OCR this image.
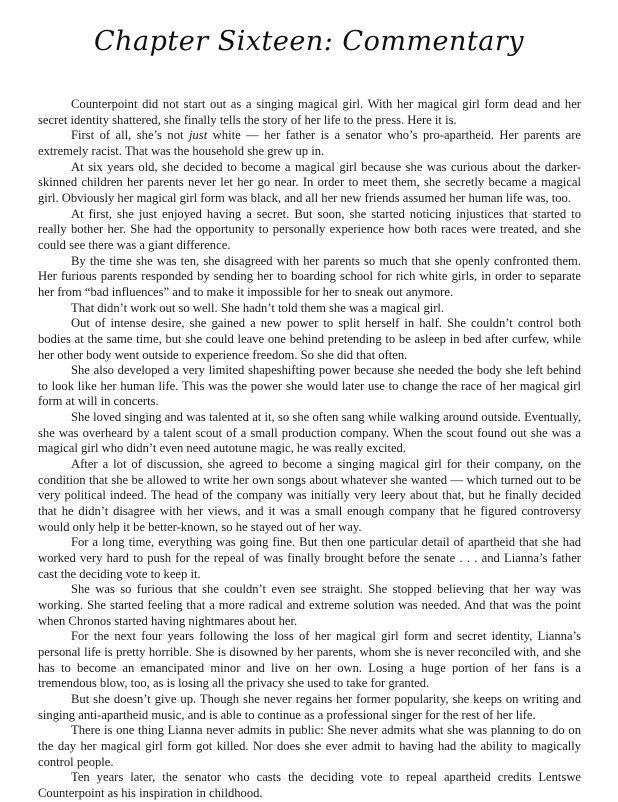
Chapter Sixteen: Commentary

Counterpoint did not start out as a singing magical girl. With her magical girl form dead and her secret identity shattered, she finally tells the story of her life to the press. Here it is.

First of all, she’s not just white — her father is a senator who’s pro-apartheid. Her parents are extremely racist. That was the household she grew up in.

At six years old, she decided to become a magical girl because she was curious about the darker-skinned children her parents never let her go near. In order to meet them, she secretly became a magical girl. Obviously her magical girl form was black, and all her new friends assumed her human life was, too.

At first, she just enjoyed having a secret. But soon, she started noticing injustices that started to really bother her. She had the opportunity to personally experience how both races were treated, and she could see there was a giant difference.

By the time she was ten, she disagreed with her parents so much that she openly confronted them. Her furious parents responded by sending her to boarding school for rich white girls, in order to separate her from “bad influences” and to make it impossible for her to sneak out anymore.

That didn’t work out so well. She hadn’t told them she was a magical girl.

Out of intense desire, she gained a new power to split herself in half. She couldn’t control both bodies at the same time, but she could leave one behind pretending to be asleep in bed after curfew, while her other body went outside to experience freedom. So she did that often.

She also developed a very limited shapeshifting power because she needed the body she left behind to look like her human life. This was the power she would later use to change the race of her magical girl form at will in concerts.

She loved singing and was talented at it, so she often sang while walking around outside. Eventually, she was overheard by a talent scout of a small production company. When the scout found out she was a magical girl who didn’t even need autotune magic, he was really excited.

After a lot of discussion, she agreed to become a singing magical girl for their company, on the condition that she be allowed to write her own songs about whatever she wanted — which turned out to be very political indeed. The head of the company was initially very leery about that, but he finally decided that he didn’t disagree with her views, and it was a small enough company that he figured controversy would only help it be better-known, so he stayed out of her way.

For a long time, everything was going fine. But then one particular detail of apartheid that she had worked very hard to push for the repeal of was finally brought before the senate . . . and Lianna’s father cast the deciding vote to keep it.

She was so furious that she couldn’t even see straight. She stopped believing that her way was working. She started feeling that a more radical and extreme solution was needed. And that was the point when Chronos started having nightmares about her.

For the next four years following the loss of her magical girl form and secret identity, Lianna’s personal life is pretty horrible. She is disowned by her parents, whom she is never reconciled with, and she has to become an emancipated minor and live on her own. Losing a huge portion of her fans is a tremendous blow, too, as is losing all the privacy she used to take for granted.

But she doesn’t give up. Though she never regains her former popularity, she keeps on writing and singing anti-apartheid music, and is able to continue as a professional singer for the rest of her life.

There is one thing Lianna never admits in public: She never admits what she was planning to do on the day her magical girl form got killed. Nor does she ever admit to having had the ability to magically control people.

Ten years later, the senator who casts the deciding vote to repeal apartheid credits Lentswe Counterpoint as his inspiration in childhood.
